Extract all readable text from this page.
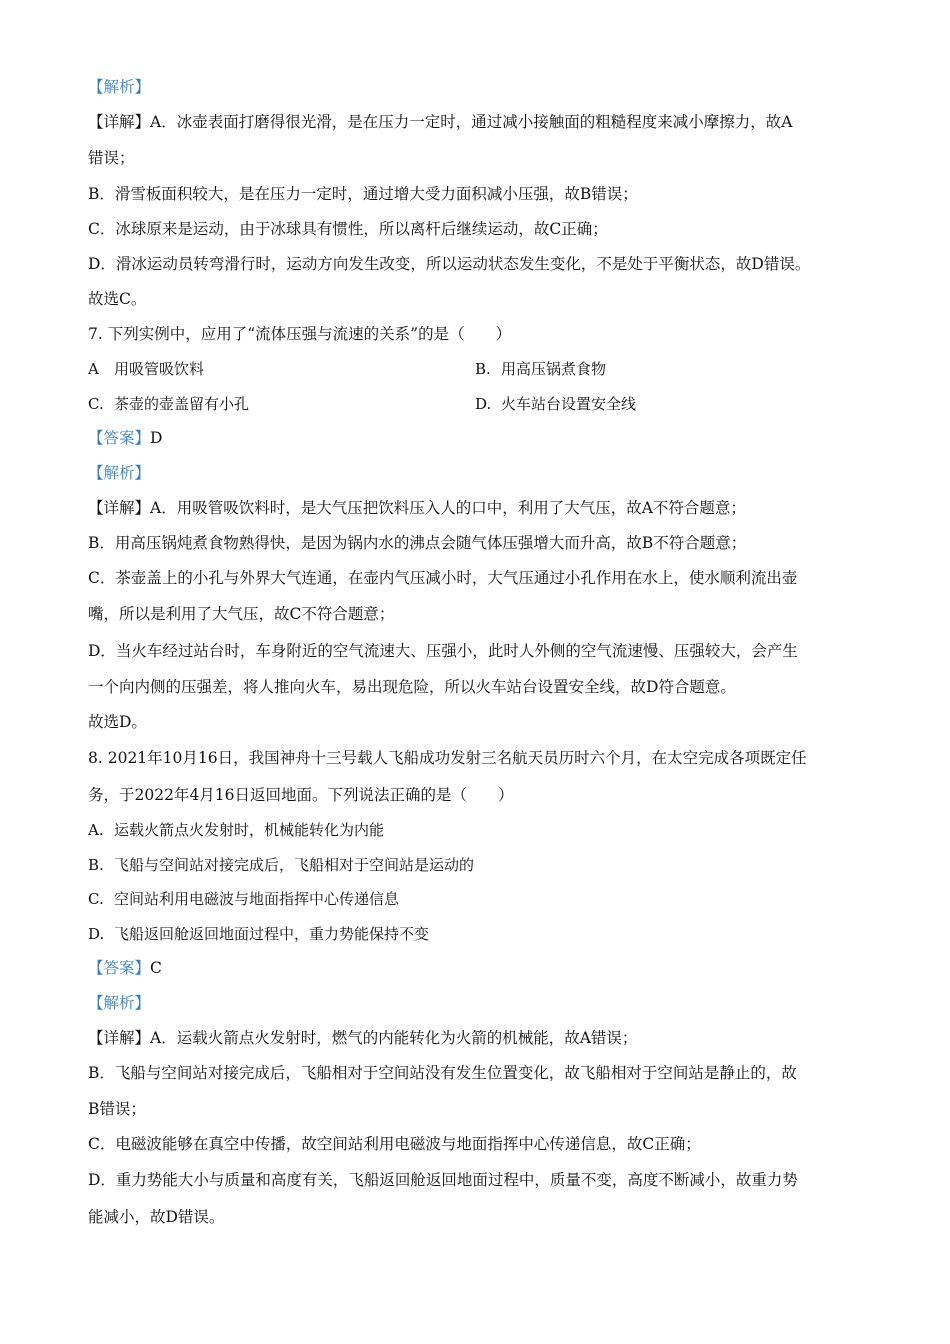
【解析】
【详解】A．冰壶表面打磨得很光滑，是在压力一定时，通过减小接触面的粗糙程度来减小摩擦力，故A
错误；
B．滑雪板面积较大，是在压力一定时，通过增大受力面积减小压强，故B错误；
C．冰球原来是运动，由于冰球具有惯性，所以离杆后继续运动，故C正确；
D．滑冰运动员转弯滑行时，运动方向发生改变，所以运动状态发生变化，不是处于平衡状态，故D错误。
故选C。
7. 下列实例中，应用了“流体压强与流速的关系”的是（　　）
A 用吸管吸饮料	B. 用高压锅煮食物
C. 茶壶的壶盖留有小孔	D. 火车站台设置安全线
【答案】D
【解析】
【详解】A．用吸管吸饮料时，是大气压把饮料压入人的口中，利用了大气压，故A不符合题意；
B．用高压锅炖煮食物熟得快，是因为锅内水的沸点会随气体压强增大而升高，故B不符合题意；
C．茶壶盖上的小孔与外界大气连通，在壶内气压减小时，大气压通过小孔作用在水上，使水顺利流出壶
嘴，所以是利用了大气压，故C不符合题意；
D．当火车经过站台时，车身附近的空气流速大、压强小，此时人外侧的空气流速慢、压强较大，会产生
一个向内侧的压强差，将人推向火车，易出现危险，所以火车站台设置安全线，故D符合题意。
故选D。
8. 2021年10月16日，我国神舟十三号载人飞船成功发射三名航天员历时六个月，在太空完成各项既定任
务，于2022年4月16日返回地面。下列说法正确的是（　　）
A. 运载火箭点火发射时，机械能转化为内能
B. 飞船与空间站对接完成后，飞船相对于空间站是运动的
C. 空间站利用电磁波与地面指挥中心传递信息
D. 飞船返回舱返回地面过程中，重力势能保持不变
【答案】C
【解析】
【详解】A．运载火箭点火发射时，燃气的内能转化为火箭的机械能，故A错误；
B．飞船与空间站对接完成后，飞船相对于空间站没有发生位置变化，故飞船相对于空间站是静止的，故
B错误；
C．电磁波能够在真空中传播，故空间站利用电磁波与地面指挥中心传递信息，故C正确；
D．重力势能大小与质量和高度有关，飞船返回舱返回地面过程中，质量不变，高度不断减小，故重力势
能减小，故D错误。
